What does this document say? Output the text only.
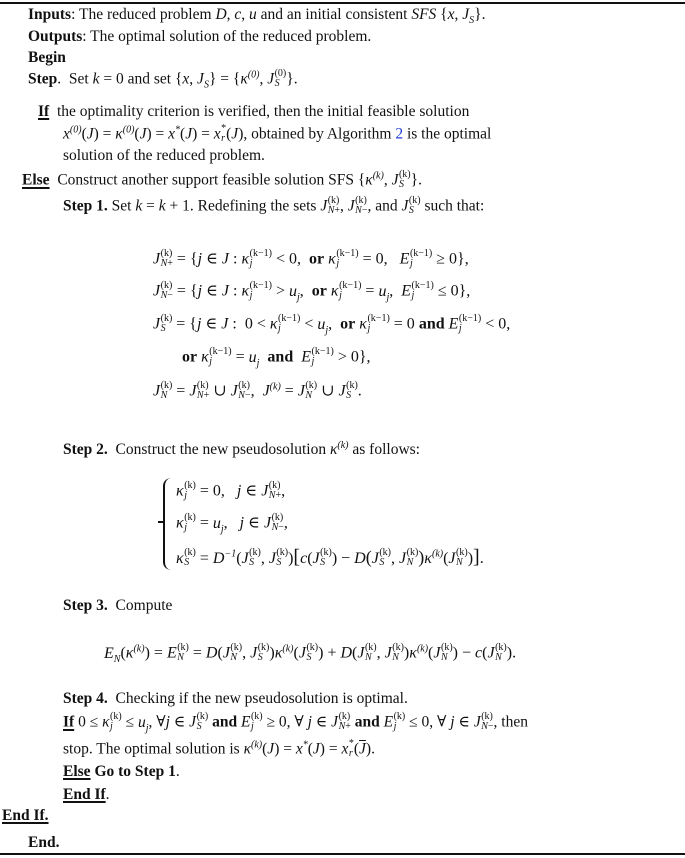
Inputs: The reduced problem D, c, u and an initial consistent SFS {x, $J_S$}.
Outputs: The optimal solution of the reduced problem.
Begin
Step.  Set k = 0 and set {x, $J_S\} = \{\kappa^{(0)}$, J (0)
S }.
If the optimality criterion is verified, then the initial feasible solution
$x^{(0)}(J) = \kappa^{(0)}(J) = x^*(J) = x$ *
r (J), obtained by Algorithm 2 is the optimal
solution of the reduced problem.
Else  Construct another support feasible solution SFS {$\kappa^{(k)}$, J (k)
S }.
Step 1. Set k = k + 1. Redefining the sets J (k)
N+ , J (k)
N− , and J (k)
S such that:
J (k)
N+ = {j ∈ J : κ (k−1)
j	< 0,  or κ (k−1)
j	= 0,   E (k−1)
j	≥ 0},
J (k)
N− = {j ∈ J : κ (k−1)
j	> $u_j$,  or κ (k−1)
j	= $u_j$,  E (k−1)
j	≤ 0},
J (k)
S = {j ∈ J :  0 < κ (k−1)
j	< $u_j$,  or κ (k−1)
j	= 0 and E (k−1)
j	< 0,
or κ (k−1)
j	= $u_j$ and E (k−1)
j	> 0},
J (k)
N = J (k)
N+ ∪ J (k)
N− ,  $J^{(k)} = J$ (k)
N ∪ J (k)
S .
Step 2.  Construct the new pseudosolution $\kappa^{(k)}$ as follows:
κ (k)
j = 0,   j ∈ J (k)
N+ ,
κ (k)
$j = u_j$,   j ∈ J (k)
N− ,
κ (k)
$S = D^{-1}(J$ (k)
S , J (k)
S )[c(J (k)
S ) − D(J (k)
S , J (k)
N )$\kappa^{(k)}(J$ (k)
N )].
Step 3. Compute
$E_N(\kappa^{(k)}) = E$ (k)
N = D(J (k)
N , J (k)
S )$\kappa^{(k)}(J$ (k)
S ) + D(J (k)
N , J (k)
N )$\kappa^{(k)}(J$ (k)
N ) − c(J (k)
N ).
Step 4. Checking if the new pseudosolution is optimal.
If 0 ≤ κ (k)
$j \le u_j$, ∀j ∈ J (k)
S and E (k)
j ≥ 0, ∀ j ∈ J (k)
N+ and E (k)
j ≤ 0, ∀ j ∈ J (k)
N− , then
stop. The optimal solution is $\kappa^{(k)}(J) = x^*(J) = x$ *
r $(\overline{J})$.
Else Go to Step 1.
End If.
End If.
End.
